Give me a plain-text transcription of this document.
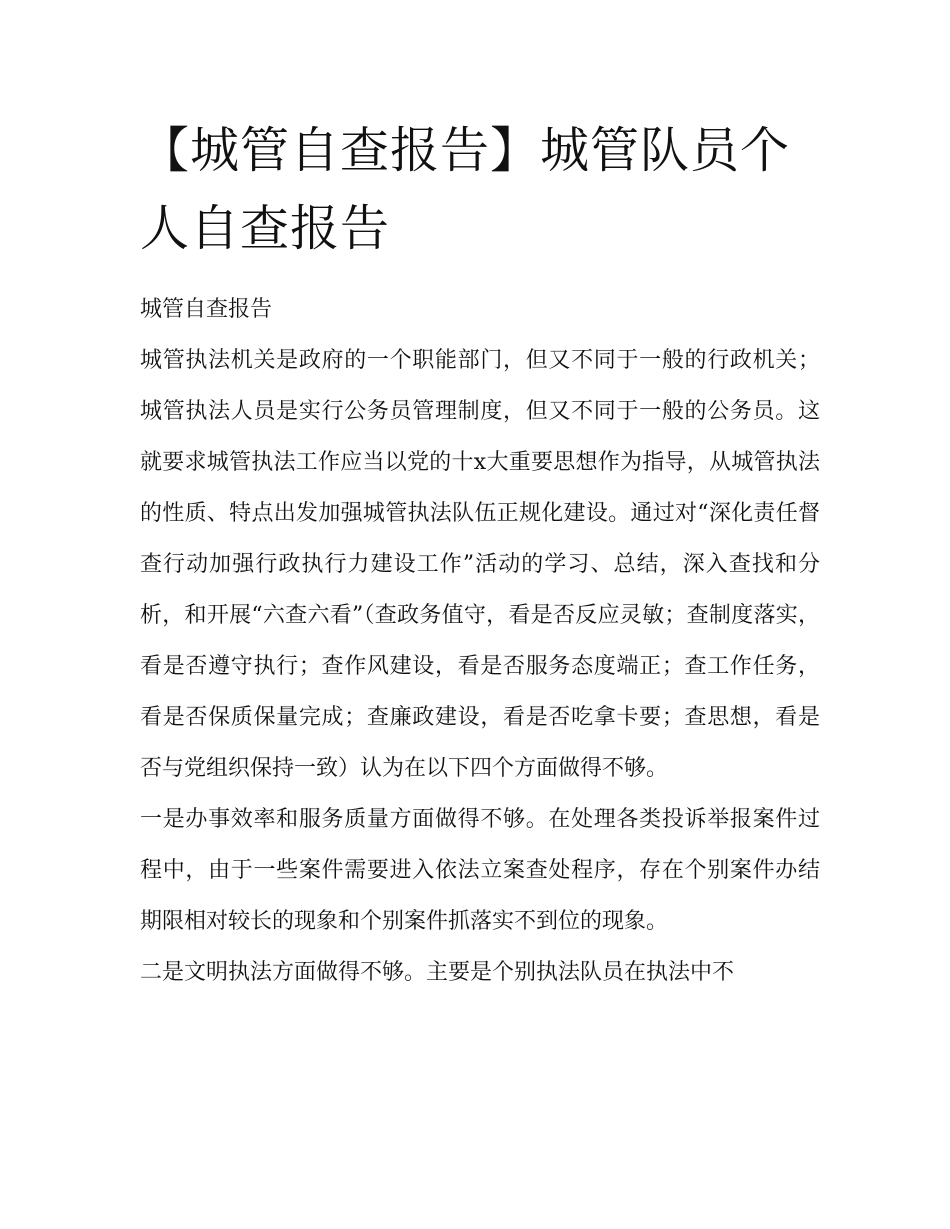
【城管自查报告】城管队员个人自查报告

城管自查报告

城管执法机关是政府的一个职能部门，但又不同于一般的行政机关；城管执法人员是实行公务员管理制度，但又不同于一般的公务员。这就要求城管执法工作应当以党的十x大重要思想作为指导，从城管执法的性质、特点出发加强城管执法队伍正规化建设。通过对“深化责任督查行动加强行政执行力建设工作”活动的学习、总结，深入查找和分析，和开展“六查六看”（查政务值守，看是否反应灵敏；查制度落实，看是否遵守执行；查作风建设，看是否服务态度端正；查工作任务，看是否保质保量完成；查廉政建设，看是否吃拿卡要；查思想，看是否与党组织保持一致）认为在以下四个方面做得不够。

一是办事效率和服务质量方面做得不够。在处理各类投诉举报案件过程中，由于一些案件需要进入依法立案查处程序，存在个别案件办结期限相对较长的现象和个别案件抓落实不到位的现象。

二是文明执法方面做得不够。主要是个别执法队员在执法中不
